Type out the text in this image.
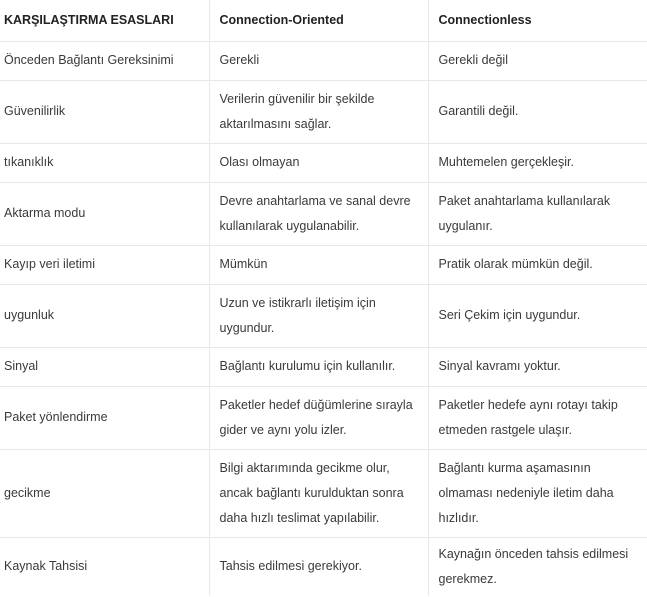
KARŞILAŞTIRMA ESASLARI	Connection-Oriented	Connectionless
Önceden Bağlantı Gereksinimi	Gerekli	Gerekli değil
Güvenilirlik	Verilerin güvenilir bir şekilde aktarılmasını sağlar.	Garantili değil.
tıkanıklık	Olası olmayan	Muhtemelen gerçekleşir.
Aktarma modu	Devre anahtarlama ve sanal devre kullanılarak uygulanabilir.	Paket anahtarlama kullanılarak uygulanır.
Kayıp veri iletimi	Mümkün	Pratik olarak mümkün değil.
uygunluk	Uzun ve istikrarlı iletişim için uygundur.	Seri Çekim için uygundur.
Sinyal	Bağlantı kurulumu için kullanılır.	Sinyal kavramı yoktur.
Paket yönlendirme	Paketler hedef düğümlerine sırayla gider ve aynı yolu izler.	Paketler hedefe aynı rotayı takip etmeden rastgele ulaşır.
gecikme	Bilgi aktarımında gecikme olur, ancak bağlantı kurulduktan sonra daha hızlı teslimat yapılabilir.	Bağlantı kurma aşamasının olmaması nedeniyle iletim daha hızlıdır.
Kaynak Tahsisi	Tahsis edilmesi gerekiyor.	Kaynağın önceden tahsis edilmesi gerekmez.
